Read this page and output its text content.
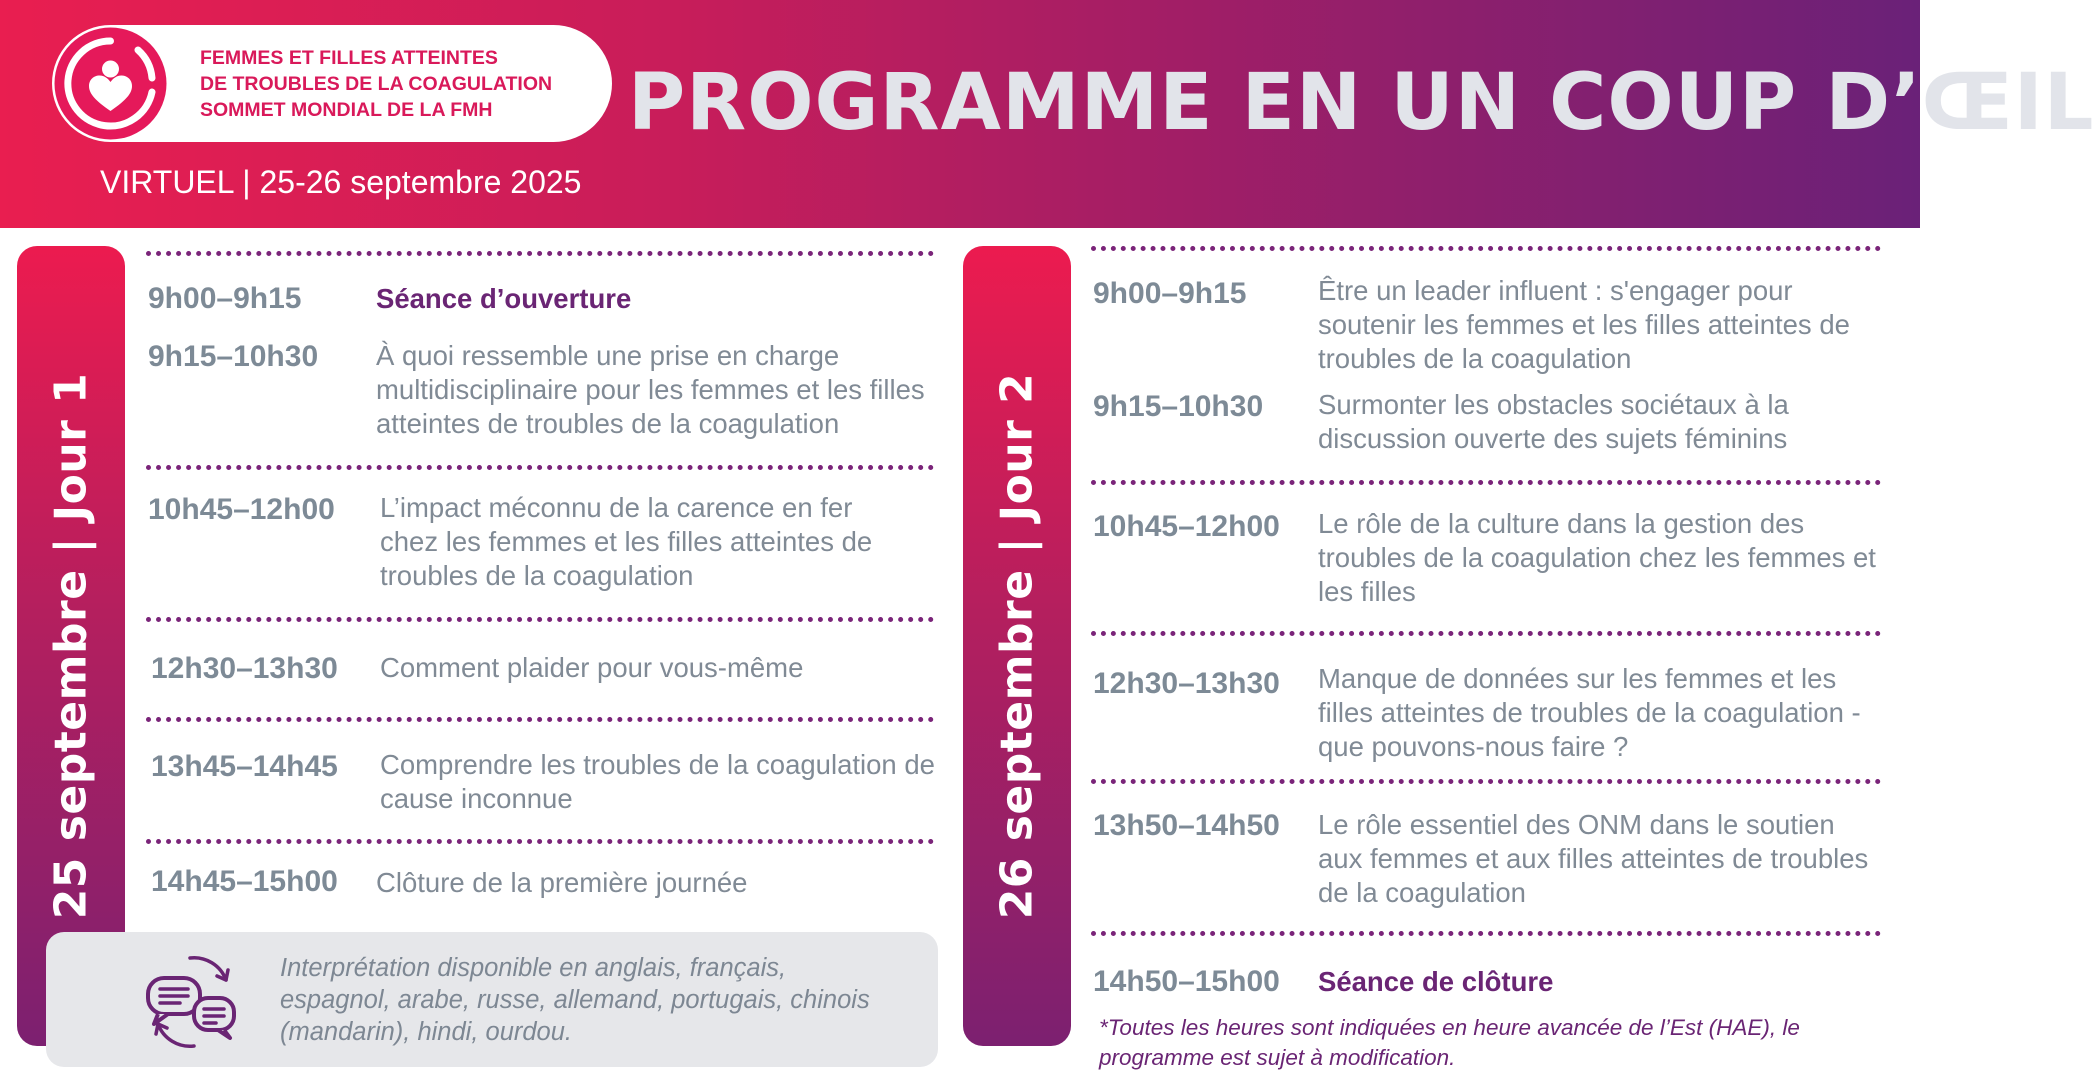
FEMMES ET FILLES ATTEINTES
DE TROUBLES DE LA COAGULATION
SOMMET MONDIAL DE LA FMH	PROGRAMME EN UN COUP D’ŒIL
VIRTUEL | 25-26 septembre 2025
25 septembre | Jour 1
9h00–9h15	Séance d’ouverture
9h15–10h30 À quoi ressemble une prise en charge multidisciplinaire pour les femmes et les filles atteintes de troubles de la coagulation
10h45–12h00 L’impact méconnu de la carence en fer chez les femmes et les filles atteintes de troubles de la coagulation
12h30–13h30 Comment plaider pour vous-même
13h45–14h45 Comprendre les troubles de la coagulation de cause inconnue
14h45–15h00 Clôture de la première journée
Interprétation disponible en anglais, français, espagnol, arabe, russe, allemand, portugais, chinois (mandarin), hindi, ourdou.
26 septembre | Jour 2
9h00–9h15	Être un leader influent : s'engager pour soutenir les femmes et les filles atteintes de troubles de la coagulation
9h15–10h30 Surmonter les obstacles sociétaux à la discussion ouverte des sujets féminins
10h45–12h00 Le rôle de la culture dans la gestion des troubles de la coagulation chez les femmes et les filles
12h30–13h30 Manque de données sur les femmes et les filles atteintes de troubles de la coagulation - que pouvons-nous faire ?
13h50–14h50 Le rôle essentiel des ONM dans le soutien aux femmes et aux filles atteintes de troubles de la coagulation
14h50–15h00 Séance de clôture
*Toutes les heures sont indiquées en heure avancée de l’Est (HAE), le programme est sujet à modification.
